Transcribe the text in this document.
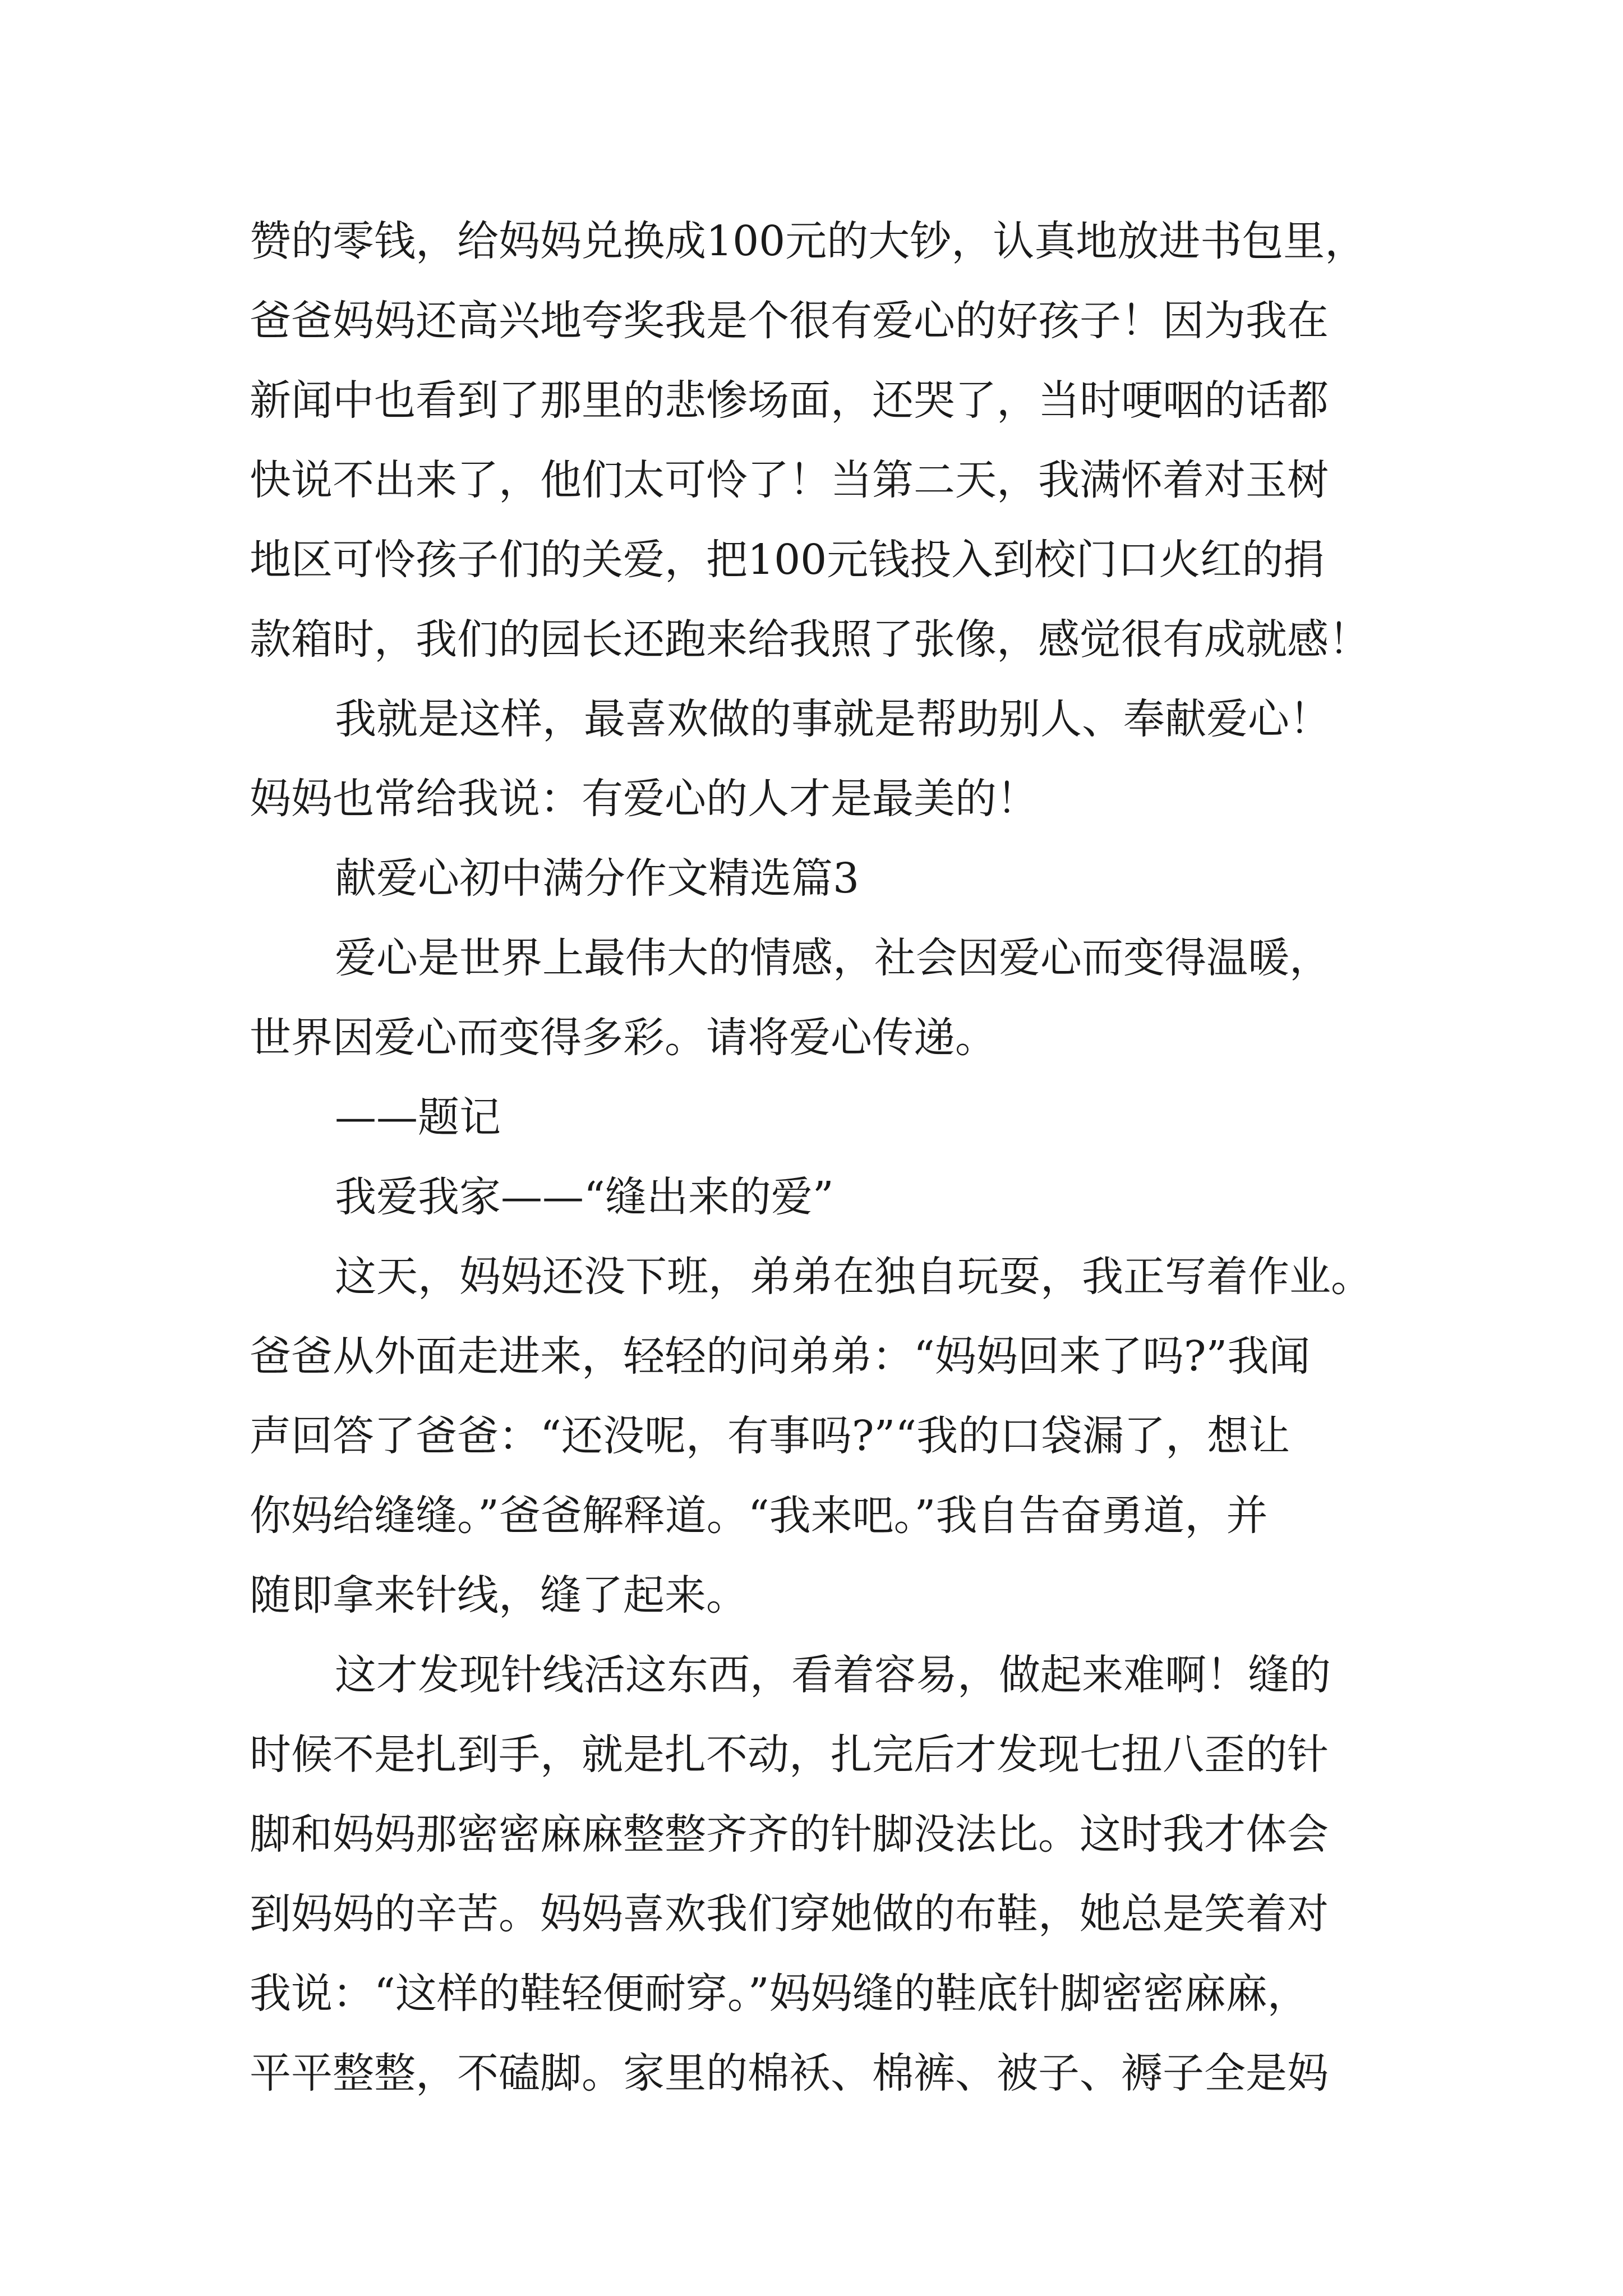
赞的零钱，给妈妈兑换成100元的大钞，认真地放进书包里，
爸爸妈妈还高兴地夸奖我是个很有爱心的好孩子！因为我在
新闻中也看到了那里的悲惨场面，还哭了，当时哽咽的话都
快说不出来了，他们太可怜了！当第二天，我满怀着对玉树
地区可怜孩子们的关爱，把100元钱投入到校门口火红的捐
款箱时，我们的园长还跑来给我照了张像，感觉很有成就感！
我就是这样，最喜欢做的事就是帮助别人、奉献爱心！
妈妈也常给我说：有爱心的人才是最美的！
献爱心初中满分作文精选篇3
爱心是世界上最伟大的情感，社会因爱心而变得温暖，
世界因爱心而变得多彩。请将爱心传递。
——题记
我爱我家——“缝出来的爱”
这天，妈妈还没下班，弟弟在独自玩耍，我正写着作业。
爸爸从外面走进来，轻轻的问弟弟：“妈妈回来了吗?”我闻
声回答了爸爸：“还没呢，有事吗?”“我的口袋漏了，想让
你妈给缝缝。”爸爸解释道。“我来吧。”我自告奋勇道，并
随即拿来针线，缝了起来。
这才发现针线活这东西，看着容易，做起来难啊！缝的
时候不是扎到手，就是扎不动，扎完后才发现七扭八歪的针
脚和妈妈那密密麻麻整整齐齐的针脚没法比。这时我才体会
到妈妈的辛苦。妈妈喜欢我们穿她做的布鞋，她总是笑着对
我说：“这样的鞋轻便耐穿。”妈妈缝的鞋底针脚密密麻麻，
平平整整，不磕脚。家里的棉袄、棉裤、被子、褥子全是妈
